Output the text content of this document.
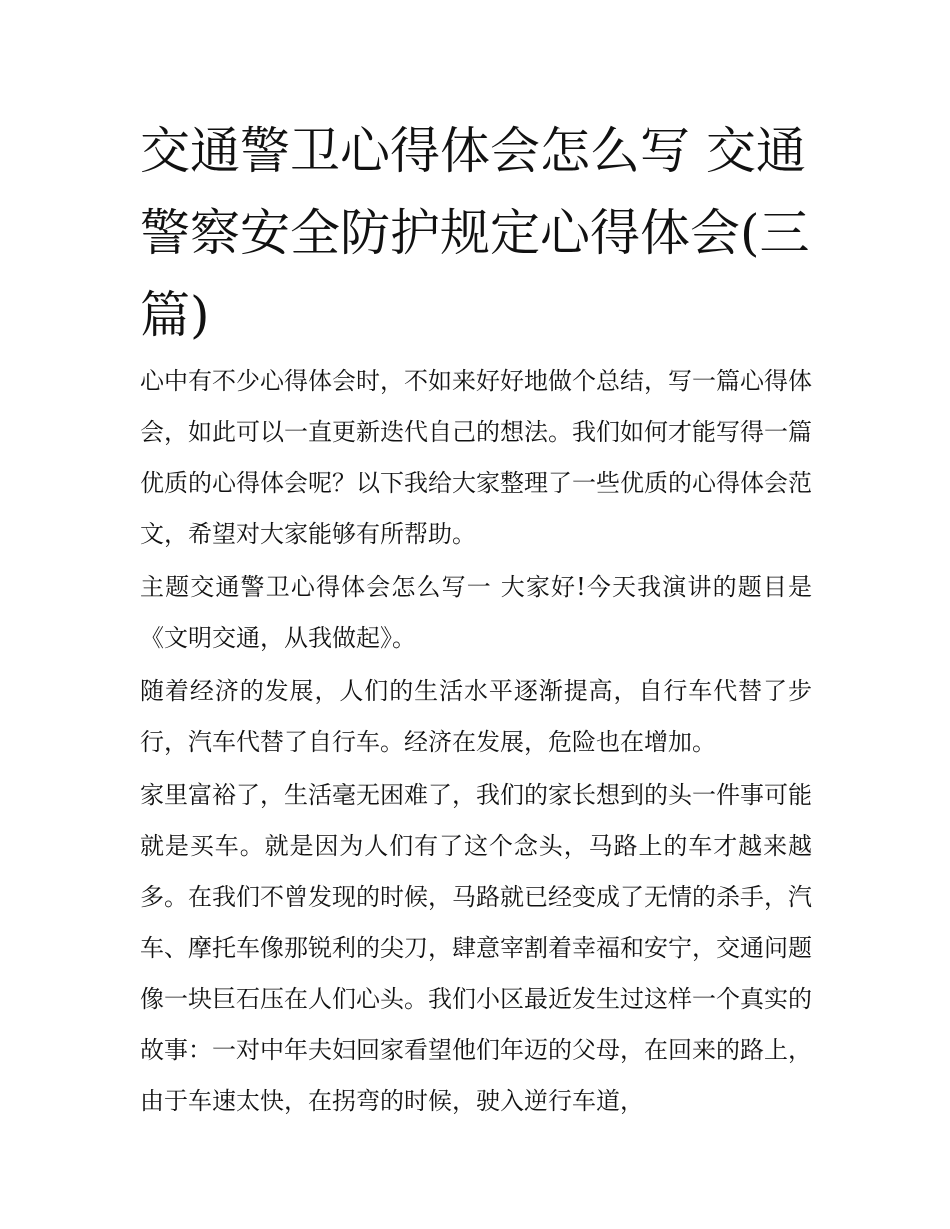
交通警卫心得体会怎么写 交通警察安全防护规定心得体会(三篇)

心中有不少心得体会时，不如来好好地做个总结，写一篇心得体会，如此可以一直更新迭代自己的想法。我们如何才能写得一篇优质的心得体会呢？以下我给大家整理了一些优质的心得体会范文，希望对大家能够有所帮助。

主题交通警卫心得体会怎么写一 大家好!今天我演讲的题目是《文明交通，从我做起》。

随着经济的发展，人们的生活水平逐渐提高，自行车代替了步行，汽车代替了自行车。经济在发展，危险也在增加。

家里富裕了，生活毫无困难了，我们的家长想到的头一件事可能就是买车。就是因为人们有了这个念头，马路上的车才越来越多。在我们不曾发现的时候，马路就已经变成了无情的杀手，汽车、摩托车像那锐利的尖刀，肆意宰割着幸福和安宁，交通问题像一块巨石压在人们心头。我们小区最近发生过这样一个真实的故事：一对中年夫妇回家看望他们年迈的父母，在回来的路上，由于车速太快，在拐弯的时候，驶入逆行车道，
